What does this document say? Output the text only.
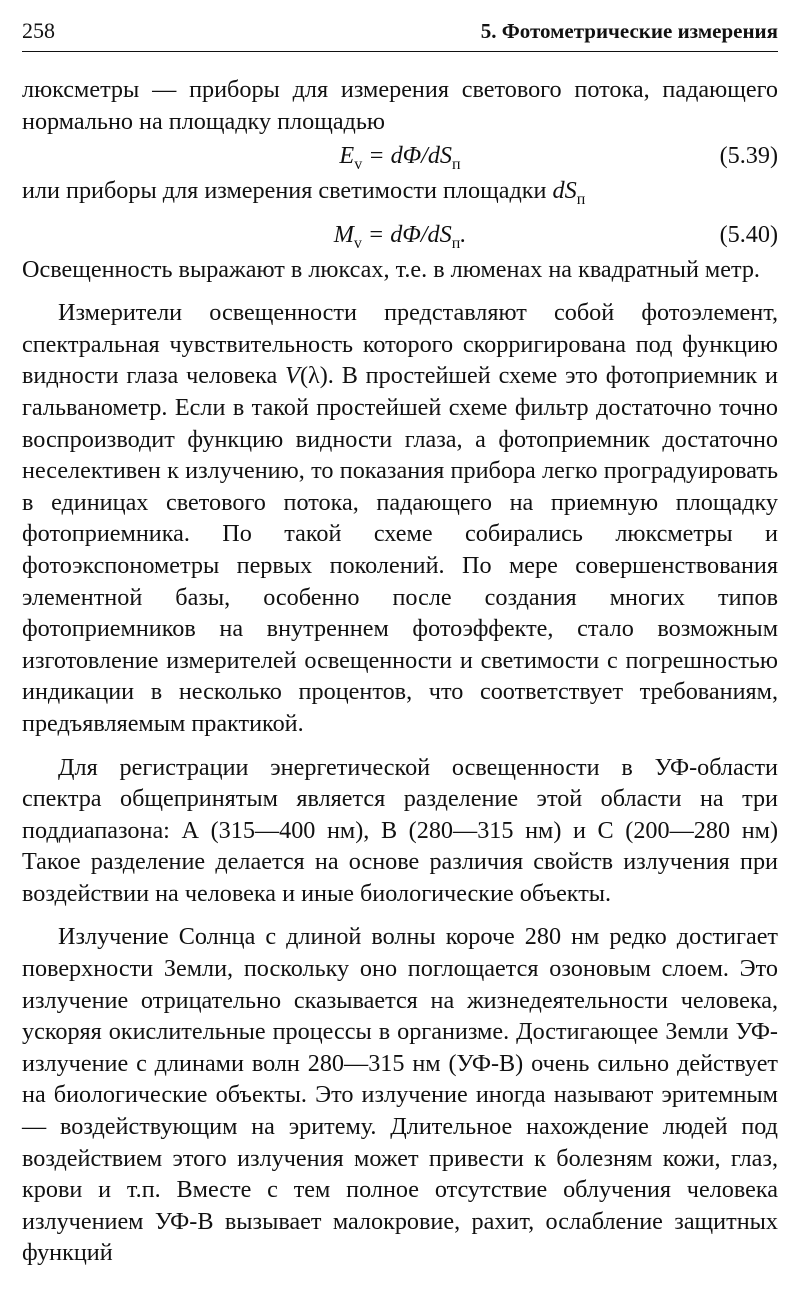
258	5. Фотометрические измерения

люксметры — приборы для измерения светового потока, падающего нормально на площадку площадью

$E_v = d\Phi/dS_п$	(5.39)

или приборы для измерения светимости площадки $dS_п$

$M_v = d\Phi/dS_п$.	(5.40)

Освещенность выражают в люксах, т.е. в люменах на квадратный метр.

Измерители освещенности представляют собой фотоэлемент, спектральная чувствительность которого скорригирована под функцию видности глаза человека V(λ). В простейшей схеме это фотоприемник и гальванометр. Если в такой простейшей схеме фильтр достаточно точно воспроизводит функцию видности глаза, а фотоприемник достаточно неселективен к излучению, то показания прибора легко проградуировать в единицах светового потока, падающего на приемную площадку фотоприемника. По такой схеме собирались люксметры и фотоэкспонометры первых поколений. По мере совершенствования элементной базы, особенно после создания многих типов фотоприемников на внутреннем фотоэффекте, стало возможным изготовление измерителей освещенности и светимости с погрешностью индикации в несколько процентов, что соответствует требованиям, предъявляемым практикой.

Для регистрации энергетической освещенности в УФ-области спектра общепринятым является разделение этой области на три поддиапазона: А (315—400 нм), В (280—315 нм) и С (200—280 нм) Такое разделение делается на основе различия свойств излучения при воздействии на человека и иные биологические объекты.

Излучение Солнца с длиной волны короче 280 нм редко достигает поверхности Земли, поскольку оно поглощается озоновым слоем. Это излучение отрицательно сказывается на жизнедеятельности человека, ускоряя окислительные процессы в организме. Достигающее Земли УФ-излучение с длинами волн 280—315 нм (УФ-В) очень сильно действует на биологические объекты. Это излучение иногда называют эритемным — воздействующим на эритему. Длительное нахождение людей под воздействием этого излучения может привести к болезням кожи, глаз, крови и т.п. Вместе с тем полное отсутствие облучения человека излучением УФ-В вызывает малокровие, рахит, ослабление защитных функций
